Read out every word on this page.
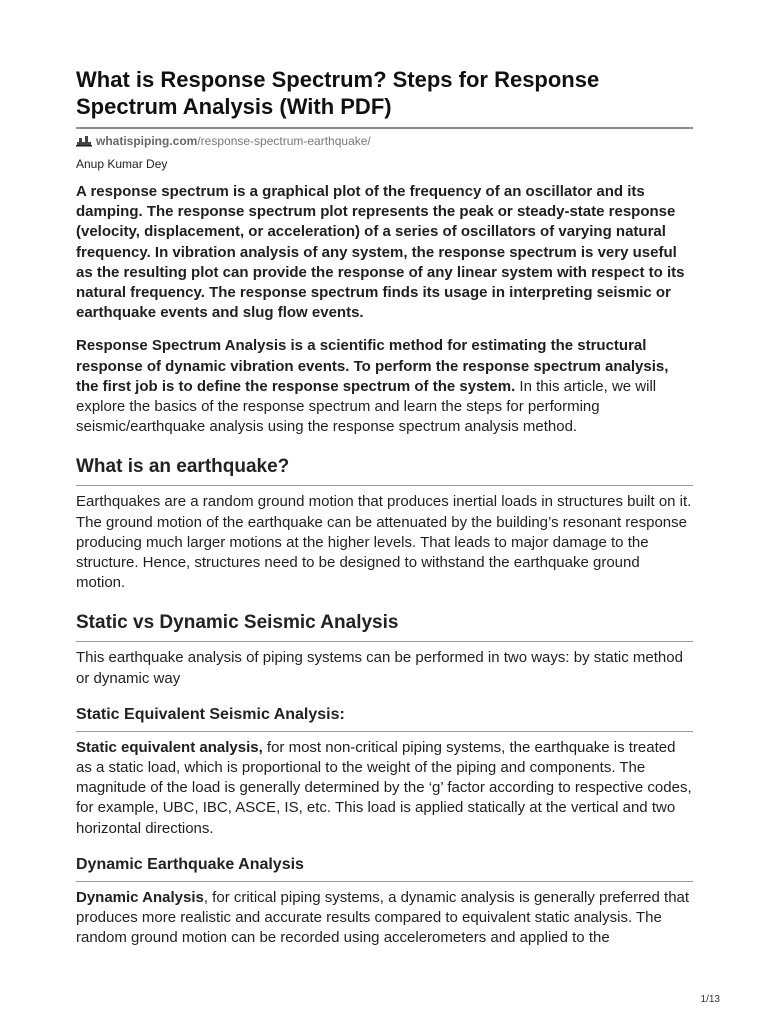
What is Response Spectrum? Steps for Response Spectrum Analysis (With PDF)
whatispiping.com /response-spectrum-earthquake/
Anup Kumar Dey

A response spectrum is a graphical plot of the frequency of an oscillator and its damping. The response spectrum plot represents the peak or steady-state response (velocity, displacement, or acceleration) of a series of oscillators of varying natural frequency. In vibration analysis of any system, the response spectrum is very useful as the resulting plot can provide the response of any linear system with respect to its natural frequency. The response spectrum finds its usage in interpreting seismic or earthquake events and slug flow events.

Response Spectrum Analysis is a scientific method for estimating the structural response of dynamic vibration events. To perform the response spectrum analysis, the first job is to define the response spectrum of the system. In this article, we will explore the basics of the response spectrum and learn the steps for performing seismic/earthquake analysis using the response spectrum analysis method.

What is an earthquake?

Earthquakes are a random ground motion that produces inertial loads in structures built on it. The ground motion of the earthquake can be attenuated by the building’s resonant response producing much larger motions at the higher levels. That leads to major damage to the structure. Hence, structures need to be designed to withstand the earthquake ground motion.

Static vs Dynamic Seismic Analysis

This earthquake analysis of piping systems can be performed in two ways: by static method or dynamic way

Static Equivalent Seismic Analysis:

Static equivalent analysis, for most non-critical piping systems, the earthquake is treated as a static load, which is proportional to the weight of the piping and components. The magnitude of the load is generally determined by the ‘g’ factor according to respective codes, for example, UBC, IBC, ASCE, IS, etc. This load is applied statically at the vertical and two horizontal directions.

Dynamic Earthquake Analysis

Dynamic Analysis, for critical piping systems, a dynamic analysis is generally preferred that produces more realistic and accurate results compared to equivalent static analysis. The random ground motion can be recorded using accelerometers and applied to the

1/13
